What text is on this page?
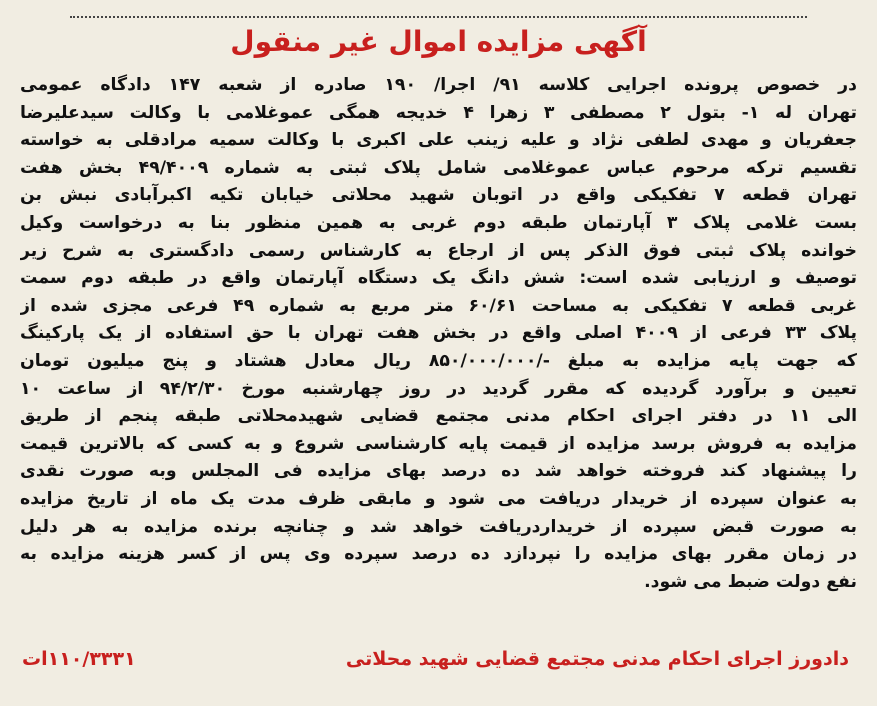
آگهی مزایده اموال غیر منقول
در خصوص پرونده اجرایی کلاسه ۹۱/ اجرا/ ۱۹۰ صادره از شعبه ۱۴۷ دادگاه عمومی
تهران له ۱- بتول ۲ مصطفی ۳ زهرا ۴ خدیجه همگی عموغلامی با وکالت سیدعلیرضا
جعفریان و مهدی لطفی نژاد و علیه زینب علی اکبری با وکالت سمیه مرادقلی به خواسته
تقسیم ترکه مرحوم عباس عموغلامی شامل پلاک ثبتی به شماره ۴۹/۴۰۰۹ بخش هفت
تهران قطعه ۷ تفکیکی واقع در اتوبان شهید محلاتی خیابان تکیه اکبرآبادی نبش بن
بست غلامی پلاک ۳ آپارتمان طبقه دوم غربی به همین منظور بنا به درخواست وکیل
خوانده پلاک ثبتی فوق الذکر پس از ارجاع به کارشناس رسمی دادگستری به شرح زیر
توصیف و ارزیابی شده است: شش دانگ یک دستگاه آپارتمان واقع در طبقه دوم سمت
غربی قطعه ۷ تفکیکی به مساحت ۶۰/۶۱ متر مربع به شماره ۴۹ فرعی مجزی شده از
پلاک ۳۳ فرعی از ۴۰۰۹ اصلی واقع در بخش هفت تهران با حق استفاده از یک پارکینگ
که جهت پایه مزایده به مبلغ -/۸۵۰/۰۰۰/۰۰۰ ریال معادل هشتاد و پنج میلیون تومان
تعیین و برآورد گردیده که مقرر گردید در روز چهارشنبه مورخ ۹۴/۲/۳۰ از ساعت ۱۰
الی ۱۱ در دفتر اجرای احکام مدنی مجتمع قضایی شهیدمحلاتی طبقه پنجم از طریق
مزایده به فروش برسد مزایده از قیمت پایه کارشناسی شروع و به کسی که بالاترین قیمت
را پیشنهاد کند فروخته خواهد شد ده درصد بهای مزایده فی المجلس وبه صورت نقدی
به عنوان سپرده از خریدار دریافت می شود و مابقی ظرف مدت یک ماه از تاریخ مزایده
به صورت قبض سپرده از خریداردریافت خواهد شد و چنانچه برنده مزایده به هر دلیل
در زمان مقرر بهای مزایده را نپردازد ده درصد سپرده وی پس از کسر هزینه مزایده به
نفع دولت ضبط می شود.
دادورز اجرای احکام مدنی مجتمع قضایی شهید محلاتی
۱۱۰/۳۳۳۱ات
